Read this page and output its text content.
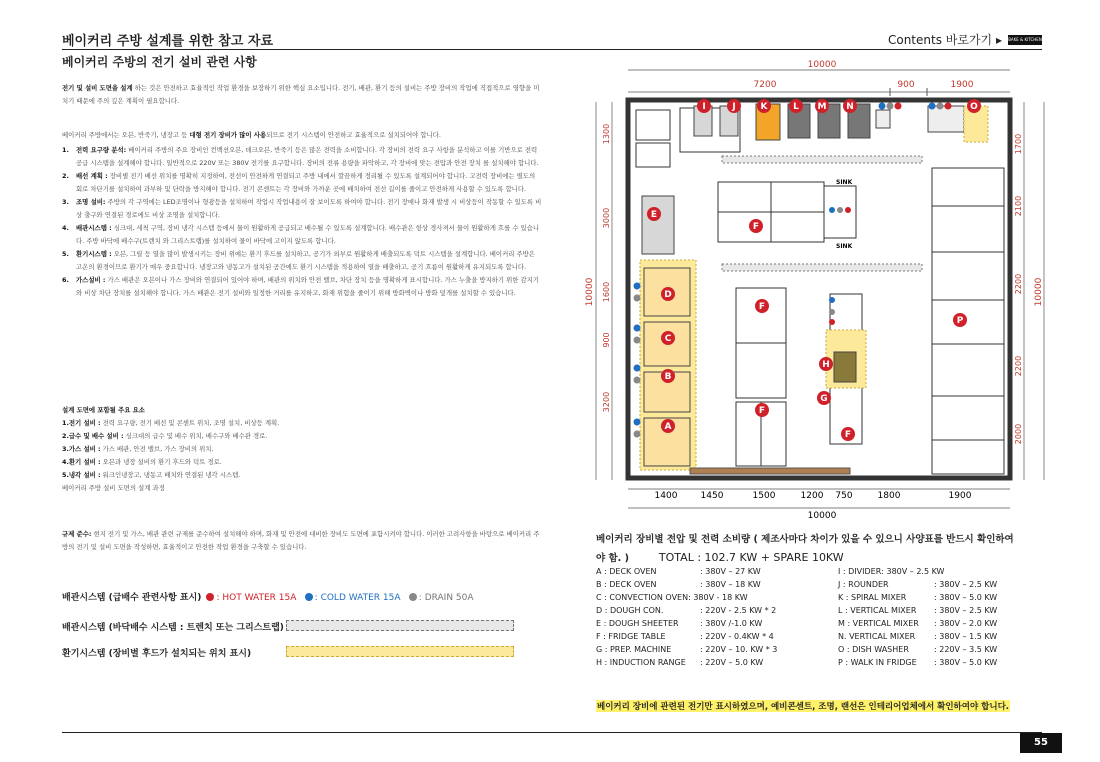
베이커리 주방 설계를 위한 참고 자료	Contents 바로가기 ▸ BAKE & KITCHEN
베이커리 주방의 전기 설비 관련 사항
전기 및 설비 도면을 설계 하는 것은 안전하고 효율적인 작업 환경을 보장하기 위한 핵심 요소입니다. 전기, 배관, 환기 등의 설비는 주방 장비의 작업에 직접적으로 영향을 미치기 때문에 주의 깊은 계획이 필요합니다.
베이커리 주방에서는 오븐, 반죽기, 냉장고 등 대형 전기 장비가 많이 사용되므로 전기 시스템이 안전하고 효율적으로 설치되어야 합니다.
1. 전력 요구량 분석: 베이커리 주방의 주요 장비인 컨백션오븐, 데크오븐, 반죽기 등은 많은 전력을 소비합니다. 각 장비의 전력 요구 사항을 분석하고 이를 기반으로 전력 공급 시스템을 설계해야 합니다. 일반적으로 220V 또는 380V 전기를 요구합니다. 장비의 전류 용량을 파악하고, 각 장비에 맞는 전압과 안전 장치 를 설치해야 합니다.
2. 배선 계획 : 장비별 전기 배선 위치를 명확히 지정하여, 전선이 안전하게 연결되고 주방 내에서 깔끔하게 정리될 수 있도록 설계되어야 합니다. 고전력 장비에는 별도의 회로 차단기를 설치하여 과부하 및 단락을 방지해야 합니다. 전기 콘센트는 각 장비와 가까운 곳에 배치하여 전선 길이를 줄이고 안전하게 사용할 수 있도록 합니다.
3. 조명 설비: 주방의 각 구역에는 LED조명이나 형광등을 설치하여 작업시 작업내용이 잘 보이도록 하여야 합니다. 전기 장애나 화재 발생 시 비상등이 작동할 수 있도록 비상 출구와 연결된 경로에도 비상 조명을 설치합니다.
4. 배관시스템 : 싱크대, 세척 구역, 장비 냉각 시스템 등에서 물이 원활하게 공급되고 배수될 수 있도록 설계합니다. 배수관은 항상 경사져서 물이 원활하게 흐를 수 있습니다. 주방 바닥에 배수구(트렌치 와 그리스트랩)를 설치하여 물이 바닥에 고이지 않도록 합니다.
5. 환기시스템 : 오븐, 그릴 등 열을 많이 발생시키는 장비 위에는 환기 후드를 설치하고, 공기가 외부로 원활하게 배출되도록 덕트 시스템을 설계합니다. 베이커리 주방은 고온의 환경이므로 환기가 매우 중요합니다. 냉장고와 냉동고가 설치된 공간에도 환기 시스템을 적용하여 열을 배출하고, 공기 흐름이 원활하게 유지되도록 합니다.
6. 가스설비 : 가스 배관은 오븐이나 가스 장비와 연결되어 있어야 하며, 배관의 위치와 안전 밸브, 차단 장치 등을 명확하게 표시합니다. 가스 누출을 방지하기 위한 감지기와 비상 차단 장치를 설치해야 합니다. 가스 배관은 전기 설비와 일정한 거리를 유지하고, 화재 위험을 줄이기 위해 방화벽이나 방화 덮개를 설치할 수 있습니다.
설계 도면에 포함될 주요 요소
1.전기 설비 : 전력 요구량, 전기 배선 및 콘센트 위치, 조명 설치, 비상등 계획.
2.급수 및 배수 설비 : 싱크대의 급수 및 배수 위치, 배수구와 배수관 경로.
3.가스 설비 : 가스 배관, 안전 밸브, 가스 장비의 위치.
4.환기 설비 : 오븐과 냉장 설비의 환기 후드와 덕트 경로.
5.냉각 설비 : 워크인냉장고, 냉동고 배치와 연결된 냉각 시스템.
베이커리 주방 설비 도면의 설계 과정
규제 준수: 현지 전기 및 가스, 배관 관련 규제를 준수하여 설치해야 하며, 화재 및 안전에 대비한 장비도 도면에 포함시켜야 합니다. 이러한 고려사항을 바탕으로 베이커리 주방의 전기 및 설비 도면을 작성하면, 효율적이고 안전한 작업 환경을 구축할 수 있습니다.
배관시스템 (급배수 관련사항 표시) : HOT WATER 15A : COLD WATER 15A : DRAIN 50A
배관시스템 (바닥배수 시스템 : 트렌치 또는 그리스트랩)
환기시스템 (장비별 후드가 설치되는 위치 표시)
10000
7200	900	1900
10000
1300
3000
1600
900
3200
1700
2100
2200
2200
2000
10000
1400	1450	1500	1200 750	1800	1900
10000
SINK
SINK
I	J	K	L M N	O
E
F
F
D
C
B
A
F
F
P
H
G
베이커리 장비별 전압 및 전력 소비량 ( 제조사마다 차이가 있을 수 있으니 사양표를 반드시 확인하여야 함. )	TOTAL : 102.7 KW + SPARE 10KW
A : DECK OVEN	: 380V – 27 KW
B : DECK OVEN	: 380V – 18 KW
C : CONVECTION OVEN : 380V - 18 KW
D : DOUGH CON.	: 220V - 2.5 KW * 2
E : DOUGH SHEETER	: 380V /-1.0 KW
F : FRIDGE TABLE	: 220V - 0.4KW * 4
G : PREP. MACHINE	: 220V – 10. KW * 3
H : INDUCTION RANGE	: 220V – 5.0 KW
I : DIVIDER : 380V – 2.5 KW
J : ROUNDER	: 380V – 2.5 KW
K : SPIRAL MIXER	: 380V – 5.0 KW
L : VERTICAL MIXER	: 380V – 2.5 KW
M : VERTICAL MIXER	: 380V – 2.0 KW
N. VERTICAL MIXER	: 380V – 1.5 KW
O : DISH WASHER	: 220V – 3.5 KW
P : WALK IN FRIDGE	: 380V – 5.0 KW
베이커리 장비에 관련된 전기만 표시하였으며, 예비콘센트, 조명, 랜선은 인테리어업체에서 확인하여야 합니다.
55
